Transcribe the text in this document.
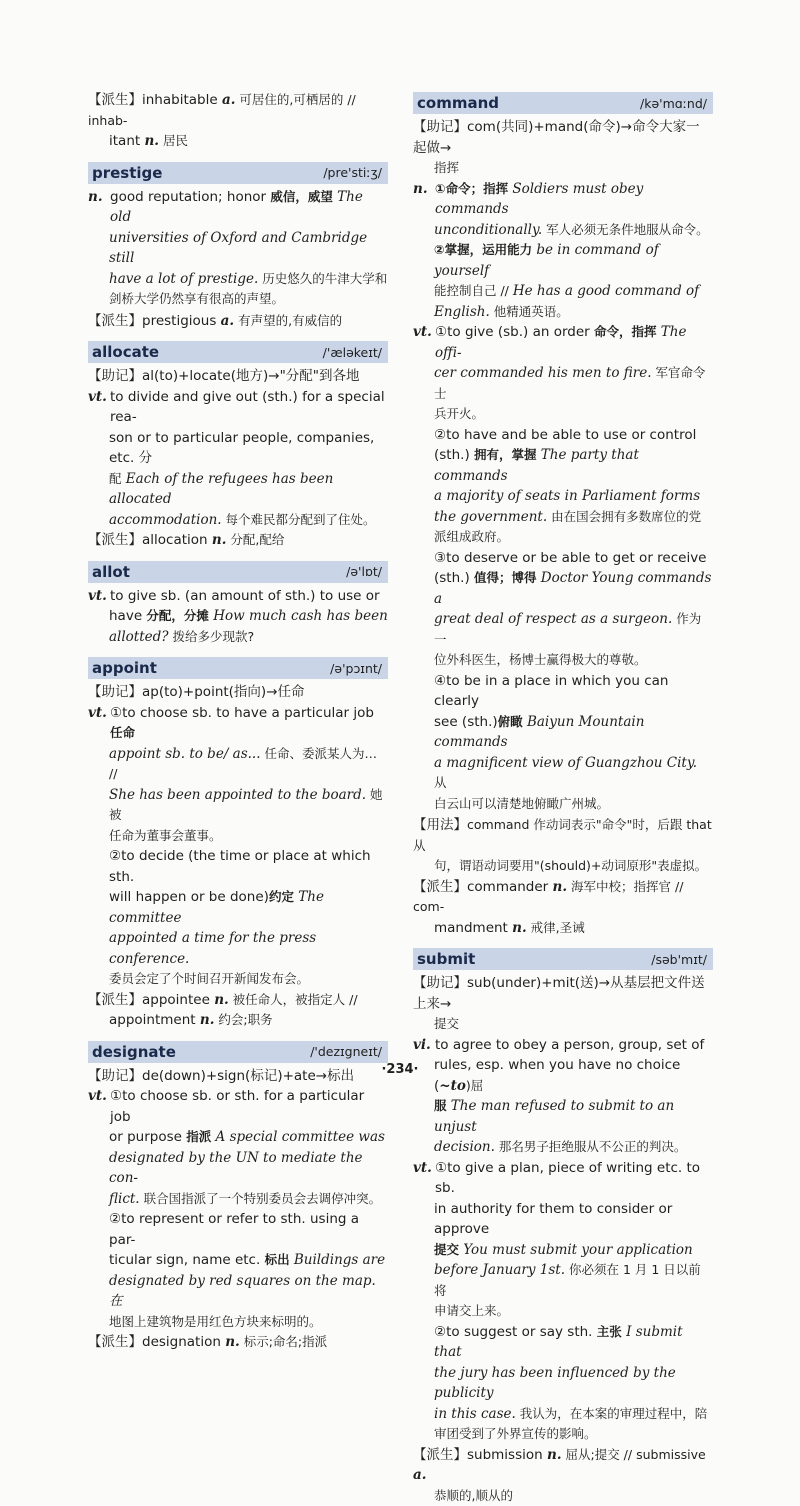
【派生】inhabitable a. 可居住的,可栖居的 // inhab-
itant n. 居民
prestige	/pre'stiːʒ/
n. good reputation; honor 威信，威望 The old
universities of Oxford and Cambridge still
have a lot of prestige. 历史悠久的牛津大学和
剑桥大学仍然享有很高的声望。
【派生】prestigious a. 有声望的,有威信的
allocate	/'æləkeɪt/
【助记】al(to)+locate(地方)→"分配"到各地
vt. to divide and give out (sth.) for a special rea-
son or to particular people, companies, etc. 分
配 Each of the refugees has been allocated
accommodation. 每个难民都分配到了住处。
【派生】allocation n. 分配,配给
allot	/ə'lɒt/
vt. to give sb. (an amount of sth.) to use or
have 分配，分摊 How much cash has been
allotted? 拨给多少现款?
appoint	/ə'pɔɪnt/
【助记】ap(to)+point(指向)→任命
vt. ①to choose sb. to have a particular job 任命
appoint sb. to be/ as... 任命、委派某人为… //
She has been appointed to the board. 她被
任命为董事会董事。
②to decide (the time or place at which sth.
will happen or be done)约定 The committee
appointed a time for the press conference.
委员会定了个时间召开新闻发布会。
【派生】appointee n. 被任命人，被指定人 //
appointment n. 约会;职务
designate	/'dezɪgneɪt/
【助记】de(down)+sign(标记)+ate→标出
vt. ①to choose sb. or sth. for a particular job
or purpose 指派 A special committee was
designated by the UN to mediate the con-
flict. 联合国指派了一个特别委员会去调停冲突。
②to represent or refer to sth. using a par-
ticular sign, name etc. 标出 Buildings are
designated by red squares on the map. 在
地图上建筑物是用红色方块来标明的。
【派生】designation n. 标示;命名;指派
command	/kə'mɑːnd/
【助记】com(共同)+mand(命令)→命令大家一起做→
指挥
n. ①命令；指挥 Soldiers must obey commands
unconditionally. 军人必须无条件地服从命令。
②掌握，运用能力 be in command of yourself
能控制自己 // He has a good command of
English. 他精通英语。
vt. ①to give (sb.) an order 命令，指挥 The offi-
cer commanded his men to fire. 军官命令士
兵开火。
②to have and be able to use or control
(sth.) 拥有，掌握 The party that commands
a majority of seats in Parliament forms
the government. 由在国会拥有多数席位的党
派组成政府。
③to deserve or be able to get or receive
(sth.) 值得；博得 Doctor Young commands a
great deal of respect as a surgeon. 作为一
位外科医生，杨博士赢得极大的尊敬。
④to be in a place in which you can clearly
see (sth.)俯瞰 Baiyun Mountain commands
a magnificent view of Guangzhou City. 从
白云山可以清楚地俯瞰广州城。
【用法】command 作动词表示"命令"时，后跟 that 从
句，谓语动词要用"(should)+动词原形"表虚拟。
【派生】commander n. 海军中校；指挥官 // com-
mandment n. 戒律,圣诫
submit	/səb'mɪt/
【助记】sub(under)+mit(送)→从基层把文件送上来→
提交
vi. to agree to obey a person, group, set of
rules, esp. when you have no choice (~to)屈
服 The man refused to submit to an unjust
decision. 那名男子拒绝服从不公正的判决。
vt. ①to give a plan, piece of writing etc. to sb.
in authority for them to consider or approve
提交 You must submit your application
before January 1st. 你必须在 1 月 1 日以前将
申请交上来。
②to suggest or say sth. 主张 I submit that
the jury has been influenced by the publicity
in this case. 我认为，在本案的审理过程中，陪
审团受到了外界宣传的影响。
【派生】submission n. 屈从;提交 // submissive a.
恭顺的,顺从的
·234·
